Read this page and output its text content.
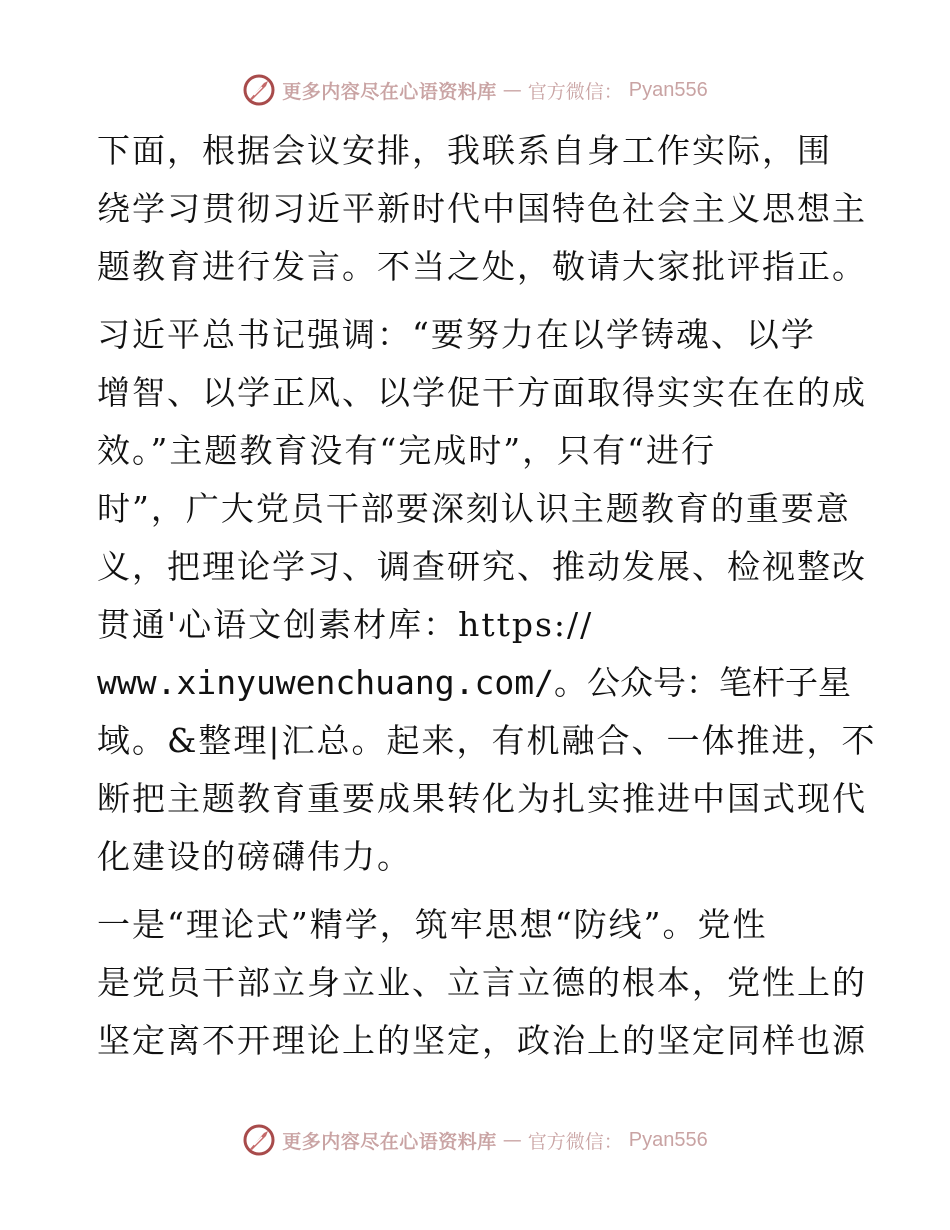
更多内容尽在心语资料库 — 官方微信： Pyan556
下面，根据会议安排，我联系自身工作实际，围
绕学习贯彻习近平新时代中国特色社会主义思想主
题教育进行发言。不当之处，敬请大家批评指正。
习近平总书记强调：“要努力在以学铸魂、以学
增智、以学正风、以学促干方面取得实实在在的成
效。”主题教育没有“完成时”，只有“进行
时”，广大党员干部要深刻认识主题教育的重要意
义，把理论学习、调查研究、推动发展、检视整改
贯通'心语文创素材库：https://
www.xinyuwenchuang.com/。公众号：笔杆子星
域。&整理|汇总。起来，有机融合、一体推进，不
断把主题教育重要成果转化为扎实推进中国式现代
化建设的磅礴伟力。
一是“理论式”精学，筑牢思想“防线”。党性
是党员干部立身立业、立言立德的根本，党性上的
坚定离不开理论上的坚定，政治上的坚定同样也源
更多内容尽在心语资料库 — 官方微信： Pyan556
